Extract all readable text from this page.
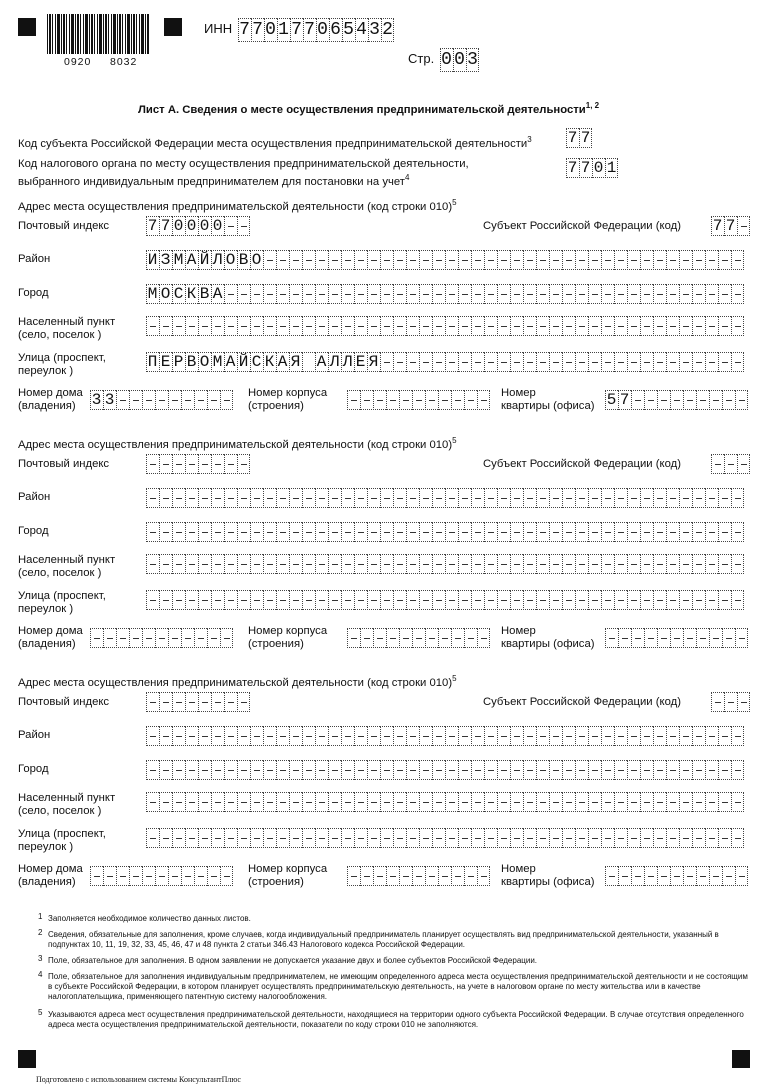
0920 8032
ИНН 7 7 0 1 7 7 0 6 5 4 3 2
Стр. 0 0 3
Лист А. Сведения о месте осуществления предпринимательской деятельности$^{1, 2}$
Код субъекта Российской Федерации места осуществления предпринимательской деятельности$^3$ 7 7
Код налогового органа по месту осуществления предпринимательской деятельности,
выбранного индивидуальным предпринимателем для постановки на учет$^4$
7 7 0 1
Адрес места осуществления предпринимательской деятельности (код строки 010)$^5$
Почтовый индекс 7 7 0 0 0 0	Субъект Российской Федерации (код) 7 7
Район	И З М А Й Л О В О
Город	М О С К В А
Населенный пункт
(село, поселок )
Улица (проспект,
переулок )	П Е Р В О М А Й С К А Я А Л Л Е Я
Номер дома
(владения)	3 3	Номер корпуса
(строения)
Номер
квартиры (офиса) 5 7
Адрес места осуществления предпринимательской деятельности (код строки 010)$^5$
Почтовый индекс	Субъект Российской Федерации (код)
Район
Город
Населенный пункт
(село, поселок )
Улица (проспект,
переулок )
Номер дома
(владения)
Номер корпуса
(строения)
Номер
квартиры (офиса)
Адрес места осуществления предпринимательской деятельности (код строки 010)$^5$
Почтовый индекс	Субъект Российской Федерации (код)
Район
Город
Населенный пункт
(село, поселок )
Улица (проспект,
переулок )
Номер дома
(владения)
Номер корпуса
(строения)
Номер
квартиры (офиса)
1 Заполняется необходимое количество данных листов.
2 Сведения, обязательные для заполнения, кроме случаев, когда индивидуальный предприниматель планирует осуществлять вид предпринимательской деятельности, указанный в подпунктах 10, 11, 19, 32, 33, 45, 46, 47 и 48 пункта 2 статьи 346.43 Налогового кодекса Российской Федерации.
3 Поле, обязательное для заполнения. В одном заявлении не допускается указание двух и более субъектов Российской Федерации.
4 Поле, обязательное для заполнения индивидуальным предпринимателем, не имеющим определенного адреса места осуществления предпринимательской деятельности и не состоящим в субъекте Российской Федерации, в котором планирует осуществлять предпринимательскую деятельность, на учете в налоговом органе по месту жительства или в качестве налогоплательщика, применяющего патентную систему налогообложения.
5 Указываются адреса мест осуществления предпринимательской деятельности, находящиеся на территории одного субъекта Российской Федерации. В случае отсутствия определенного адреса места осуществления предпринимательской деятельности, показатели по коду строки 010 не заполняются.
Подготовлено с использованием системы КонсультантПлюс
